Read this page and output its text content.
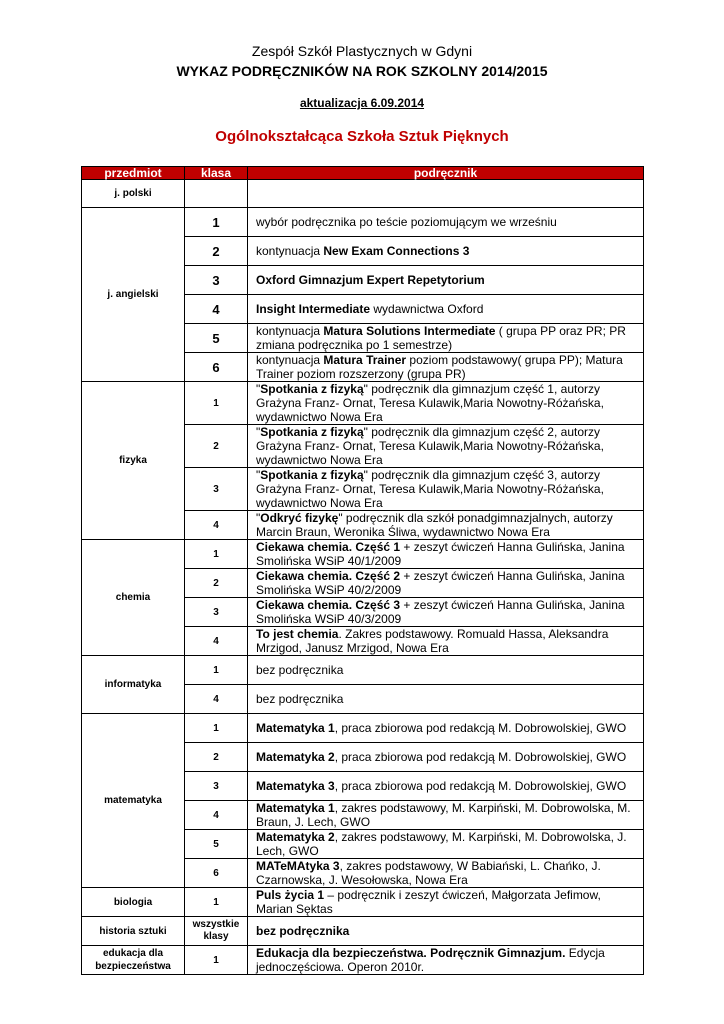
Zespół Szkół Plastycznych w Gdyni
WYKAZ PODRĘCZNIKÓW NA ROK SZKOLNY 2014/2015
aktualizacja 6.09.2014
Ogólnokształcąca Szkoła Sztuk Pięknych
przedmiot	klasa	podręcznik
j. polski		
j. angielski	1	wybór podręcznika po teście poziomującym we wrześniu
	2	kontynuacja New Exam Connections 3
	3	Oxford Gimnazjum Expert Repetytorium
	4	Insight Intermediate wydawnictwa Oxford
	5	kontynuacja Matura Solutions Intermediate ( grupa PP oraz PR; PR zmiana podręcznika po 1 semestrze)
	6	kontynuacja Matura Trainer poziom podstawowy( grupa PP); Matura Trainer poziom rozszerzony (grupa PR)
fizyka	1	"Spotkania z fizyką" podręcznik dla gimnazjum część 1, autorzy Grażyna Franz- Ornat, Teresa Kulawik,Maria Nowotny-Różańska, wydawnictwo Nowa Era
	2	"Spotkania z fizyką" podręcznik dla gimnazjum część 2, autorzy Grażyna Franz- Ornat, Teresa Kulawik,Maria Nowotny-Różańska, wydawnictwo Nowa Era
	3	"Spotkania z fizyką" podręcznik dla gimnazjum część 3, autorzy Grażyna Franz- Ornat, Teresa Kulawik,Maria Nowotny-Różańska, wydawnictwo Nowa Era
	4	"Odkryć fizykę" podręcznik dla szkół ponadgimnazjalnych, autorzy Marcin Braun, Weronika Śliwa, wydawnictwo Nowa Era
chemia	1	Ciekawa chemia. Część 1 + zeszyt ćwiczeń Hanna Gulińska, Janina Smolińska WSiP 40/1/2009
	2	Ciekawa chemia. Część 2 + zeszyt ćwiczeń Hanna Gulińska, Janina Smolińska WSiP 40/2/2009
	3	Ciekawa chemia. Część 3 + zeszyt ćwiczeń Hanna Gulińska, Janina Smolińska WSiP 40/3/2009
	4	To jest chemia. Zakres podstawowy. Romuald Hassa, Aleksandra Mrzigod, Janusz Mrzigod, Nowa Era
informatyka	1	bez podręcznika
	4	bez podręcznika
matematyka	1	Matematyka 1, praca zbiorowa pod redakcją M. Dobrowolskiej, GWO
	2	Matematyka 2, praca zbiorowa pod redakcją M. Dobrowolskiej, GWO
	3	Matematyka 3, praca zbiorowa pod redakcją M. Dobrowolskiej, GWO
	4	Matematyka 1, zakres podstawowy, M. Karpiński, M. Dobrowolska, M. Braun, J. Lech, GWO
	5	Matematyka 2, zakres podstawowy, M. Karpiński, M. Dobrowolska, J. Lech, GWO
	6	MATeMAtyka 3, zakres podstawowy, W Babiański, L. Chańko, J. Czarnowska, J. Wesołowska, Nowa Era
biologia	1	Puls życia 1 – podręcznik i zeszyt ćwiczeń, Małgorzata Jefimow, Marian Sęktas
historia sztuki	wszystkie klasy	bez podręcznika
edukacja dla bezpieczeństwa	1	Edukacja dla bezpieczeństwa. Podręcznik Gimnazjum. Edycja jednoczęściowa. Operon 2010r.
